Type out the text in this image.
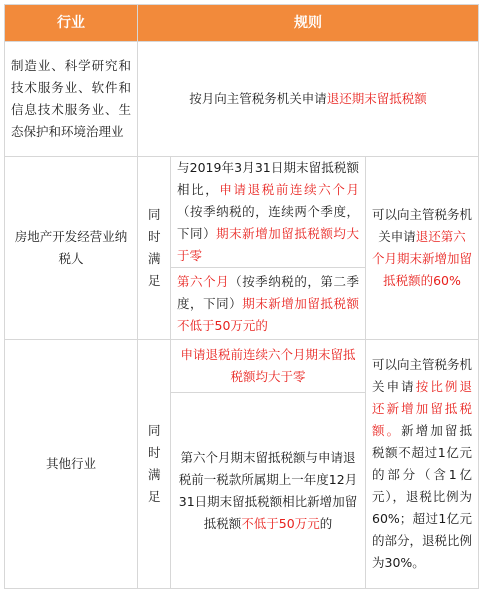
行业	规则
制造业、科学研究和技术服务业、软件和信息技术服务业、生态保护和环境治理业
按月向主管税务机关申请退还期末留抵税额
房地产开发经营业纳税人
同时满足
与2019年3月31日期末留抵税额相比，申请退税前连续六个月（按季纳税的，连续两个季度，下同）期末新增加留抵税额均大于零
第六个月（按季纳税的，第二季度，下同）期末新增加留抵税额不低于50万元的
可以向主管税务机关申请退还第六个月期末新增加留抵税额的60%
其他行业
同时满足
申请退税前连续六个月期末留抵税额均大于零
第六个月期末留抵税额与申请退税前一税款所属期上一年度12月31日期末留抵税额相比新增加留抵税额不低于50万元的
可以向主管税务机关申请按比例退还新增加留抵税额。新增加留抵税额不超过1亿元的部分（含1亿元），退税比例为60%；超过1亿元的部分，退税比例为30%。
